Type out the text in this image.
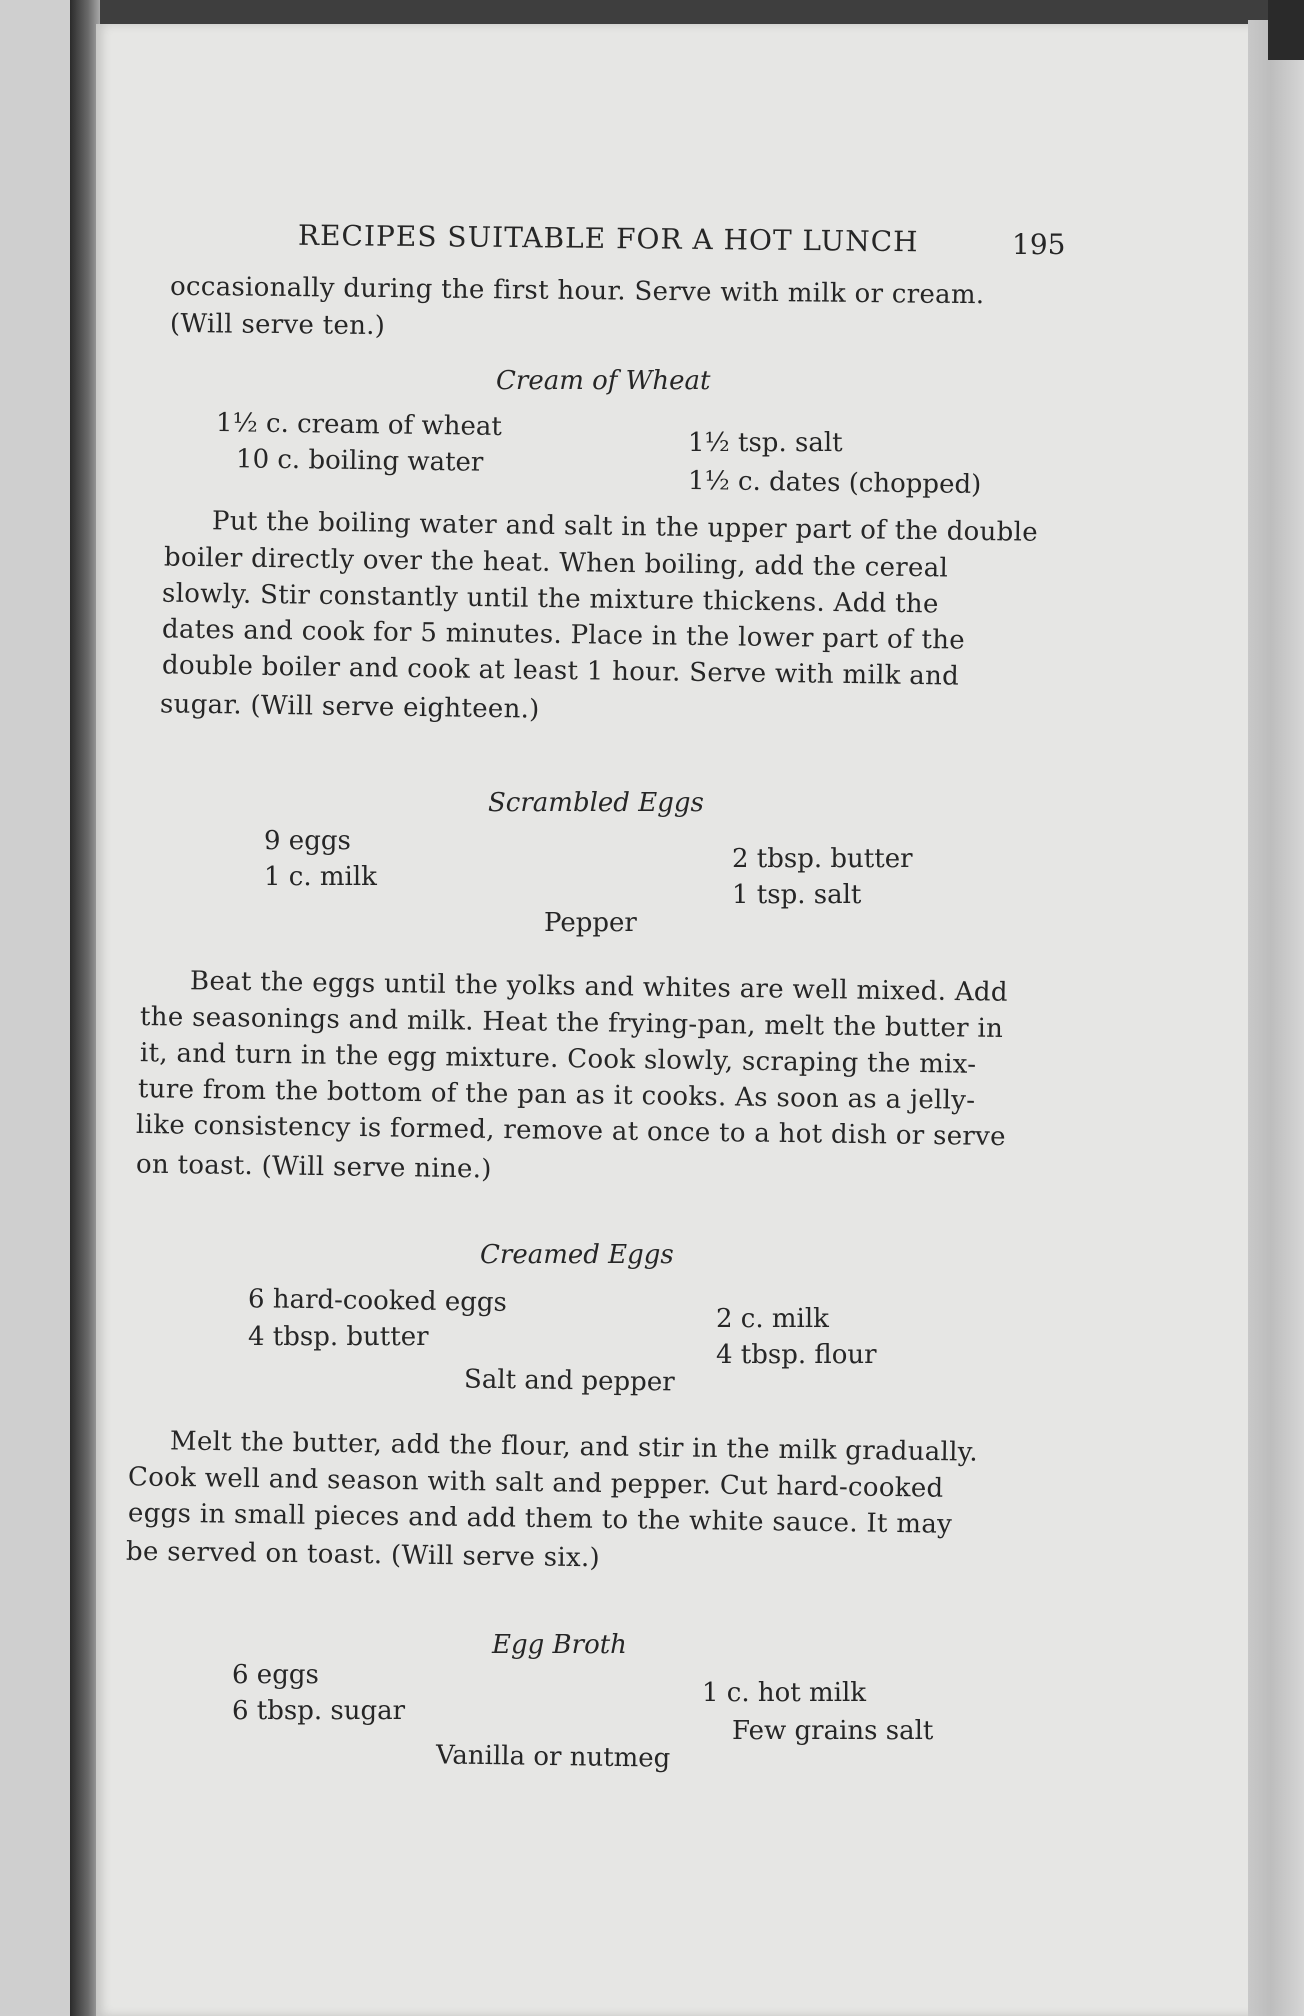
RECIPES SUITABLE FOR A HOT LUNCH	195
occasionally during the first hour. Serve with milk or cream.
(Will serve ten.)
Cream of Wheat
1½ c. cream of wheat
10 c. boiling water
1½ tsp. salt
1½ c. dates (chopped)
Put the boiling water and salt in the upper part of the double
boiler directly over the heat. When boiling, add the cereal
slowly. Stir constantly until the mixture thickens. Add the
dates and cook for 5 minutes. Place in the lower part of the
double boiler and cook at least 1 hour. Serve with milk and
sugar. (Will serve eighteen.)
Scrambled Eggs
9 eggs
1 c. milk
2 tbsp. butter
1 tsp. salt
Pepper
Beat the eggs until the yolks and whites are well mixed. Add
the seasonings and milk. Heat the frying-pan, melt the butter in
it, and turn in the egg mixture. Cook slowly, scraping the mix-
ture from the bottom of the pan as it cooks. As soon as a jelly-
like consistency is formed, remove at once to a hot dish or serve
on toast. (Will serve nine.)
Creamed Eggs
6 hard-cooked eggs
4 tbsp. butter
2 c. milk
4 tbsp. flour
Salt and pepper
Melt the butter, add the flour, and stir in the milk gradually.
Cook well and season with salt and pepper. Cut hard-cooked
eggs in small pieces and add them to the white sauce. It may
be served on toast. (Will serve six.)
Egg Broth
6 eggs
6 tbsp. sugar
1 c. hot milk
Few grains salt
Vanilla or nutmeg
